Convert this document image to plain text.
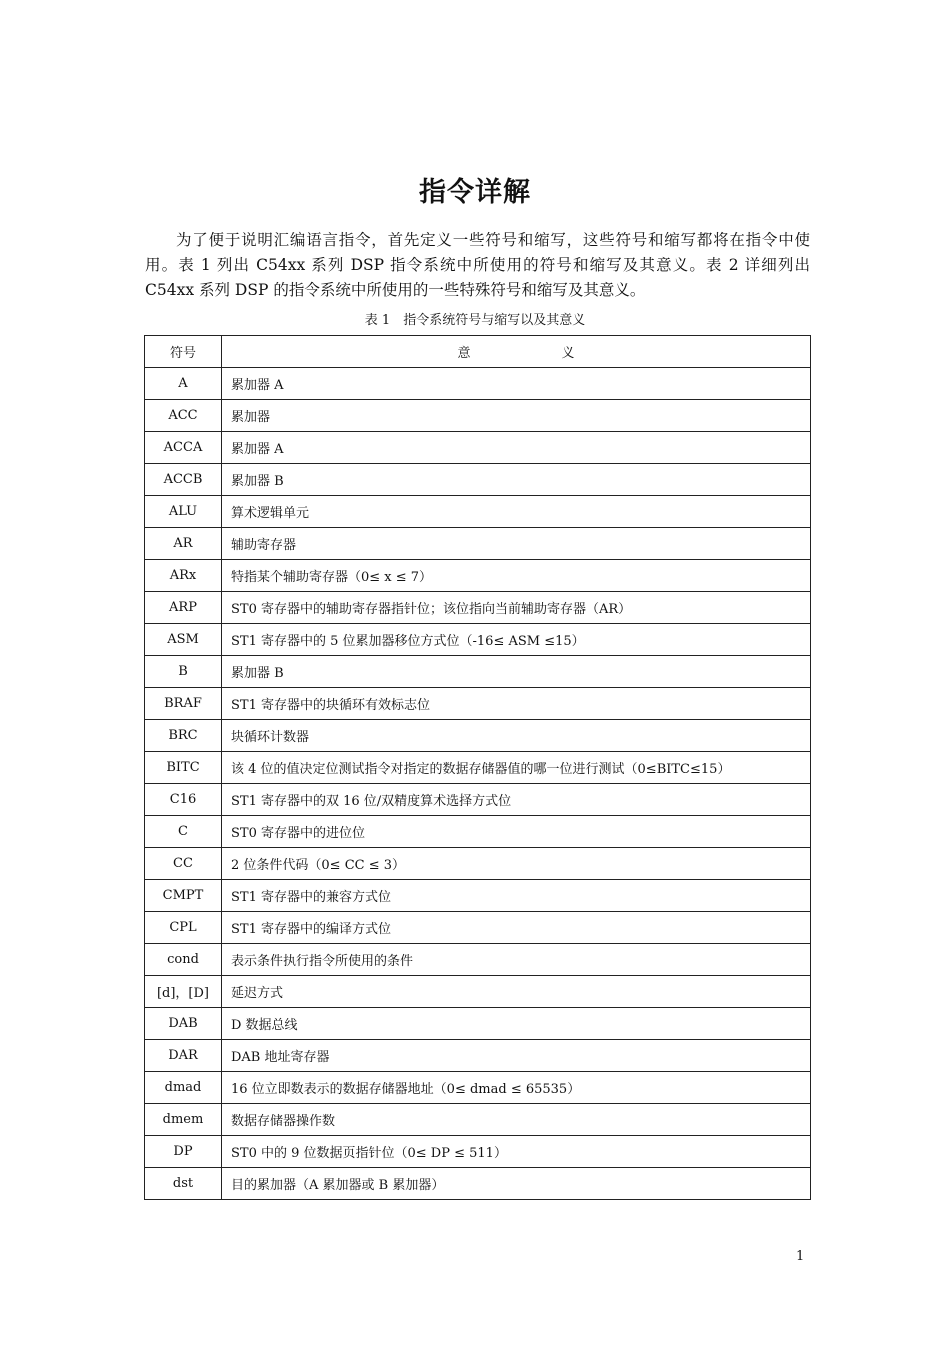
指令详解

为了便于说明汇编语言指令，首先定义一些符号和缩写，这些符号和缩写都将在指令中使用。表 1 列出 C54xx 系列 DSP 指令系统中所使用的符号和缩写及其意义。表 2 详细列出 C54xx 系列 DSP 的指令系统中所使用的一些特殊符号和缩写及其意义。

表 1　指令系统符号与缩写以及其意义
符号	意　　　　　　　义
A	累加器 A
ACC	累加器
ACCA	累加器 A
ACCB	累加器 B
ALU	算术逻辑单元
AR	辅助寄存器
ARx	特指某个辅助寄存器（0≤ x ≤ 7）
ARP	ST0 寄存器中的辅助寄存器指针位；该位指向当前辅助寄存器（AR）
ASM	ST1 寄存器中的 5 位累加器移位方式位（-16≤ ASM ≤15）
B	累加器 B
BRAF	ST1 寄存器中的块循环有效标志位
BRC	块循环计数器
BITC	该 4 位的值决定位测试指令对指定的数据存储器值的哪一位进行测试（0≤BITC≤15）
C16	ST1 寄存器中的双 16 位/双精度算术选择方式位
C	ST0 寄存器中的进位位
CC	2 位条件代码（0≤ CC ≤ 3）
CMPT	ST1 寄存器中的兼容方式位
CPL	ST1 寄存器中的编译方式位
cond	表示条件执行指令所使用的条件
[d]，[D]	延迟方式
DAB	D 数据总线
DAR	DAB 地址寄存器
dmad	16 位立即数表示的数据存储器地址（0≤ dmad ≤ 65535）
dmem	数据存储器操作数
DP	ST0 中的 9 位数据页指针位（0≤ DP ≤ 511）
dst	目的累加器（A 累加器或 B 累加器）
1
